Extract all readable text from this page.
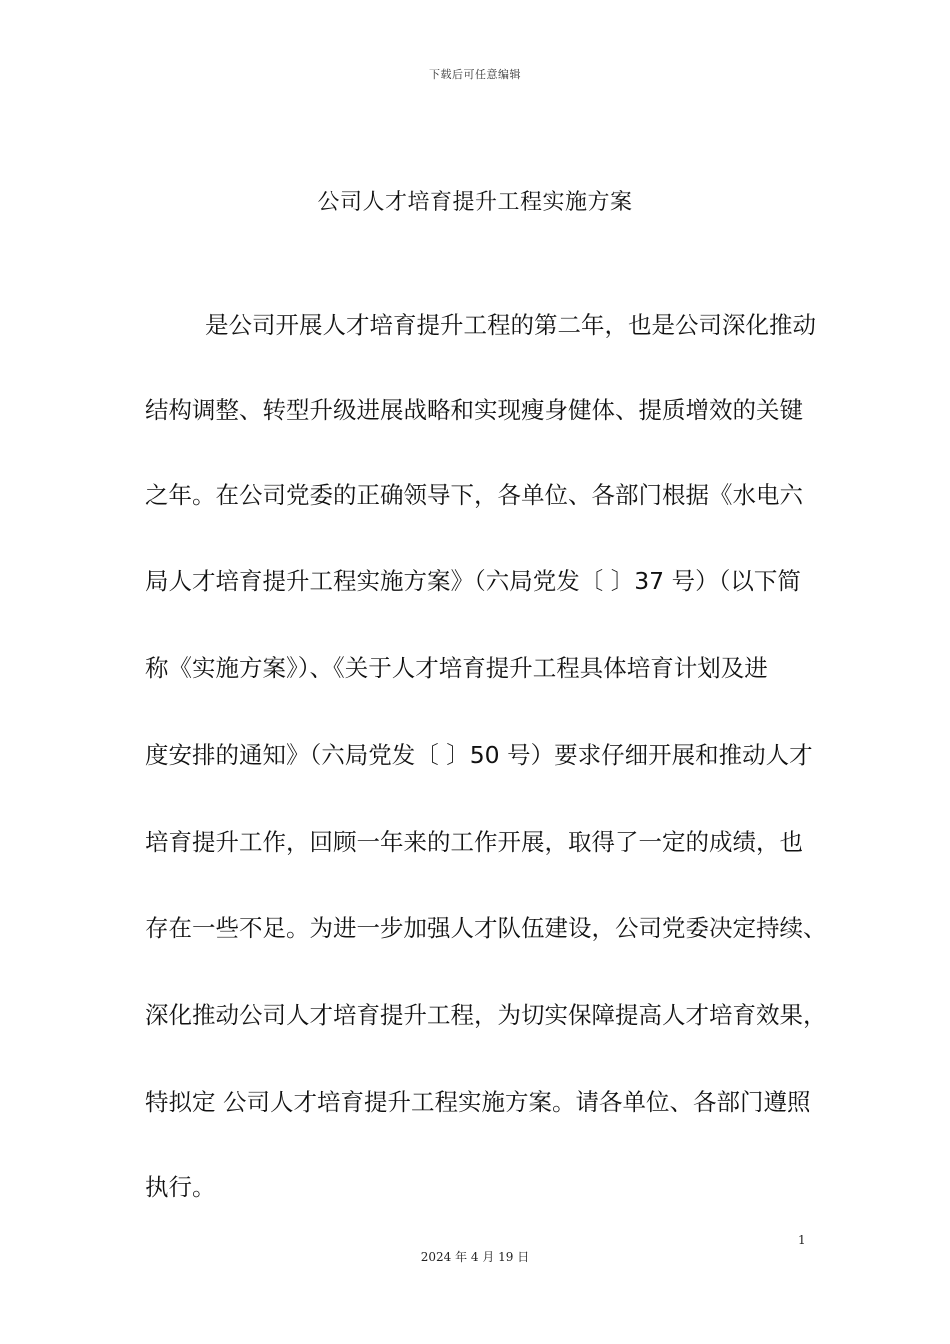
下载后可任意编辑
公司人才培育提升工程实施方案
是公司开展人才培育提升工程的第二年，也是公司深化推动
结构调整、转型升级进展战略和实现瘦身健体、提质增效的关键
之年。在公司党委的正确领导下，各单位、各部门根据《水电六
局人才培育提升工程实施方案》（六局党发〔 〕37 号）（以下简
称《实施方案》）、《关于人才培育提升工程具体培育计划及进
度安排的通知》（六局党发〔 〕50 号）要求仔细开展和推动人才
培育提升工作，回顾一年来的工作开展，取得了一定的成绩，也
存在一些不足。为进一步加强人才队伍建设，公司党委决定持续、
深化推动公司人才培育提升工程，为切实保障提高人才培育效果，
特拟定 公司人才培育提升工程实施方案。请各单位、各部门遵照
执行。
1
2024 年 4 月 19 日
